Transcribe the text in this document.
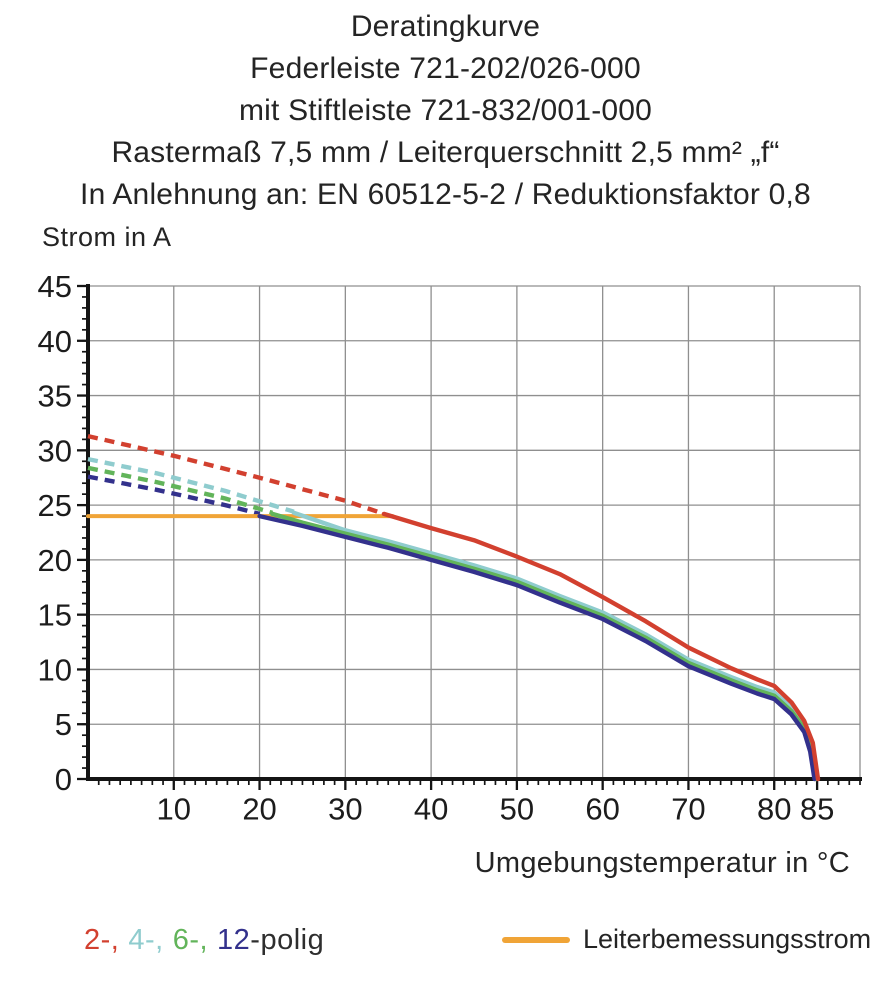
Deratingkurve
Federleiste 721-202/026-000
mit Stiftleiste 721-832/001-000
Rastermaß 7,5 mm / Leiterquerschnitt 2,5 mm² „f“
In Anlehnung an: EN 60512-5-2 / Reduktionsfaktor 0,8
Strom in A
10 20 30 40 50 60 70 80 85
0
5
10
15
20
25
30
35
40
45
Umgebungstemperatur in °C
2-, 4-, 6-, 12-polig	Leiterbemessungsstrom
